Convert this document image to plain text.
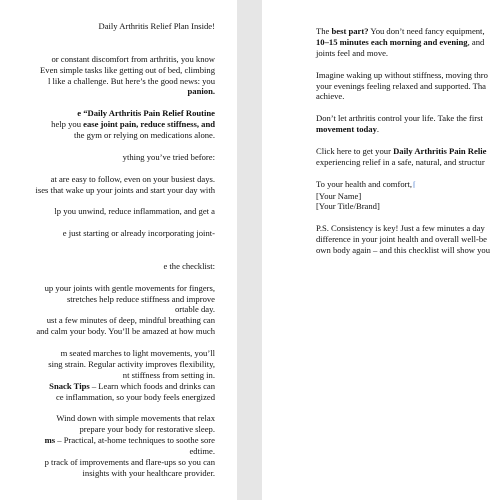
Daily Arthritis Relief Plan Inside!

or constant discomfort from arthritis, you know

Even simple tasks like getting out of bed, climbing

l like a challenge. But here’s the good news: you

panion.

e “Daily Arthritis Pain Relief Routine

help you ease joint pain, reduce stiffness, and

the gym or relying on medications alone.

ything you’ve tried before:

at are easy to follow, even on your busiest days.

ises that wake up your joints and start your day with

lp you unwind, reduce inflammation, and get a

e just starting or already incorporating joint-

e the checklist:

up your joints with gentle movements for fingers,

stretches help reduce stiffness and improve

ortable day.

ust a few minutes of deep, mindful breathing can

and calm your body. You’ll be amazed at how much

m seated marches to light movements, you’ll

sing strain. Regular activity improves flexibility,

nt stiffness from setting in.

Snack Tips – Learn which foods and drinks can

ce inflammation, so your body feels energized

Wind down with simple movements that relax

prepare your body for restorative sleep.

ms – Practical, at-home techniques to soothe sore

edtime.

p track of improvements and flare-ups so you can

insights with your healthcare provider.

The best part? You don’t need fancy equipment,

10–15 minutes each morning and evening, and

joints feel and move.

Imagine waking up without stiffness, moving thro

your evenings feeling relaxed and supported. Tha

achieve.

Don’t let arthritis control your life. Take the first

movement today.

Click here to get your Daily Arthritis Pain Relie

experiencing relief in a safe, natural, and structur

To your health and comfort,⌈

[Your Name]

[Your Title/Brand]

P.S. Consistency is key! Just a few minutes a day

difference in your joint health and overall well-be

own body again – and this checklist will show you
